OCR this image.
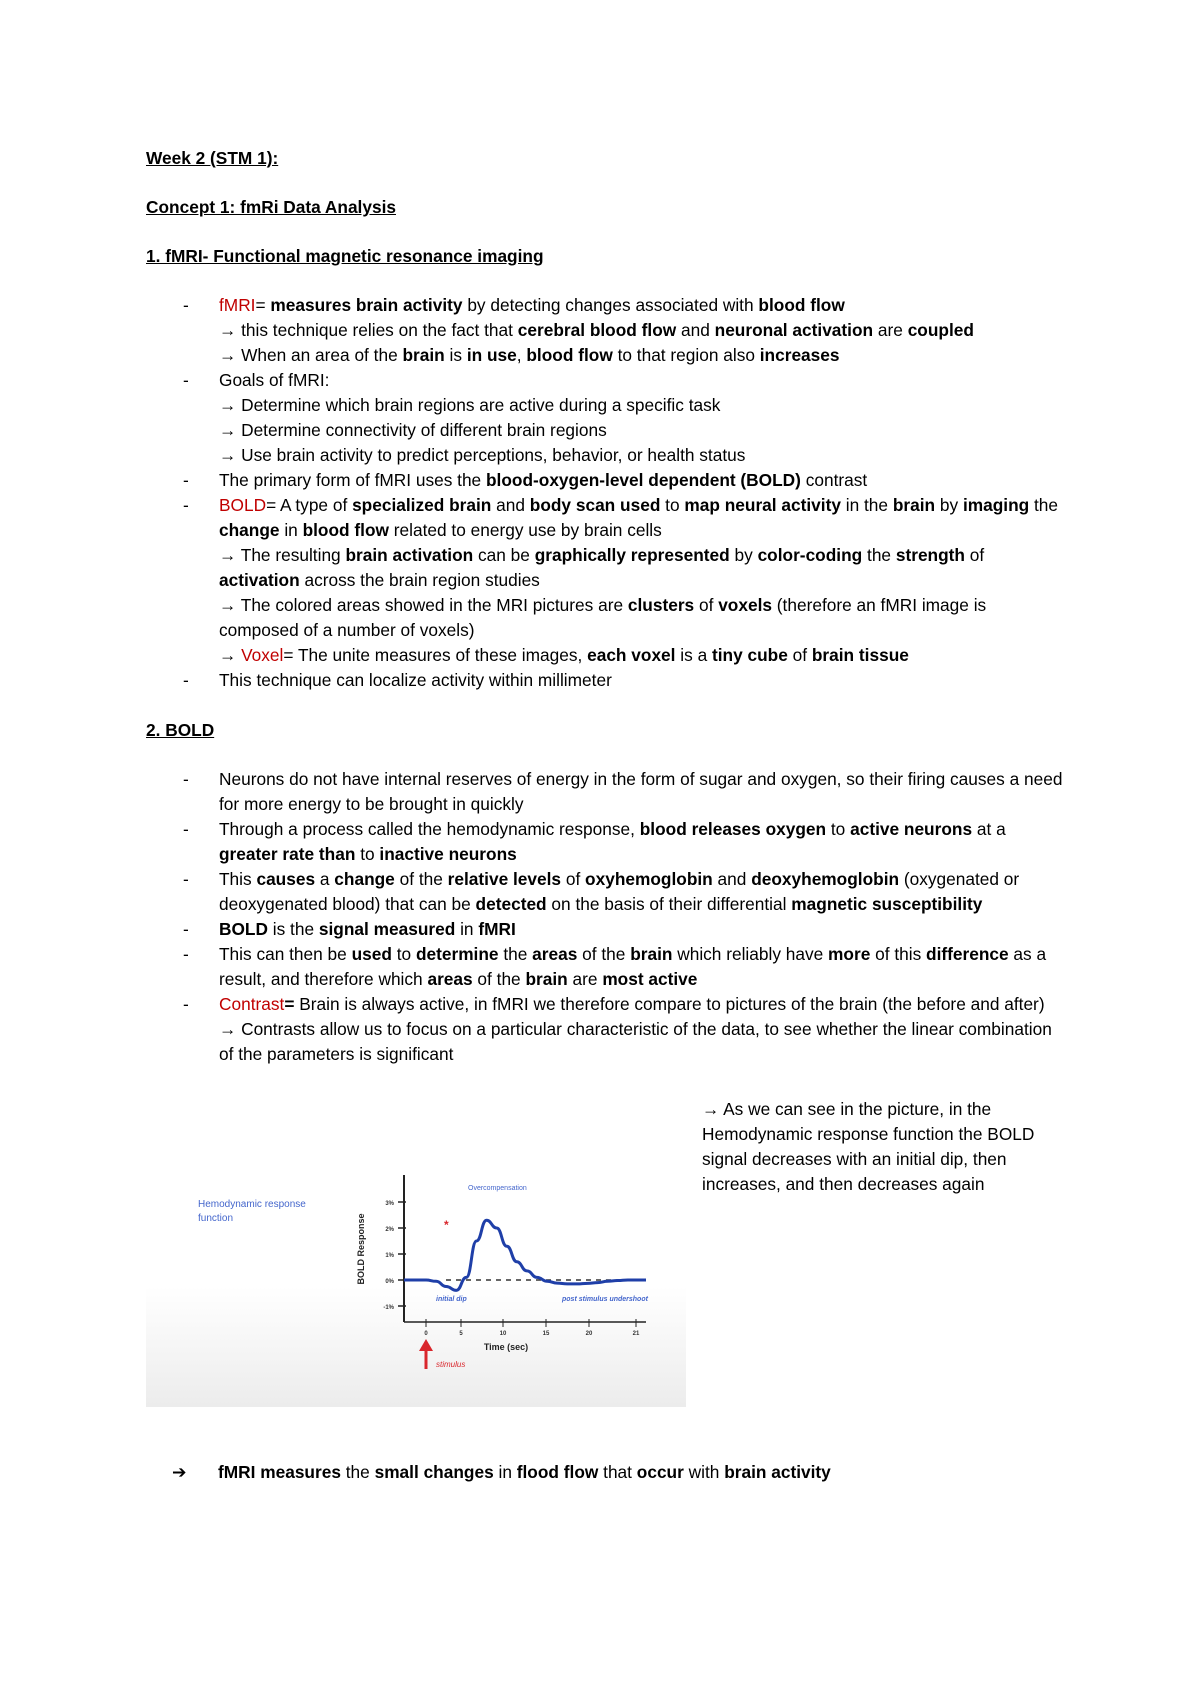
Week 2 (STM 1):

Concept 1: fmRi Data Analysis

1. fMRI- Functional magnetic resonance imaging

- fMRI= measures brain activity by detecting changes associated with blood flow
→ this technique relies on the fact that cerebral blood flow and neuronal activation are coupled
→ When an area of the brain is in use, blood flow to that region also increases
- Goals of fMRI:
→ Determine which brain regions are active during a specific task
→ Determine connectivity of different brain regions
→ Use brain activity to predict perceptions, behavior, or health status
- The primary form of fMRI uses the blood-oxygen-level dependent (BOLD) contrast
- BOLD= A type of specialized brain and body scan used to map neural activity in the brain by imaging the change in blood flow related to energy use by brain cells
→ The resulting brain activation can be graphically represented by color-coding the strength of activation across the brain region studies
→ The colored areas showed in the MRI pictures are clusters of voxels (therefore an fMRI image is composed of a number of voxels)
→ Voxel= The unite measures of these images, each voxel is a tiny cube of brain tissue
- This technique can localize activity within millimeter

2. BOLD

- Neurons do not have internal reserves of energy in the form of sugar and oxygen, so their firing causes a need for more energy to be brought in quickly
- Through a process called the hemodynamic response, blood releases oxygen to active neurons at a greater rate than to inactive neurons
- This causes a change of the relative levels of oxyhemoglobin and deoxyhemoglobin (oxygenated or deoxygenated blood) that can be detected on the basis of their differential magnetic susceptibility
- BOLD is the signal measured in fMRI
- This can then be used to determine the areas of the brain which reliably have more of this difference as a result, and therefore which areas of the brain are most active
- Contrast= Brain is always active, in fMRI we therefore compare to pictures of the brain (the before and after)
→ Contrasts allow us to focus on a particular characteristic of the data, to see whether the linear combination of the parameters is significant
Hemodynamic response
function
3%
2%
1%
0%
-1%
0	5	10	15	20	21
Time (sec)
BOLD Response	*
Overcompensation
initial dip	post stimulus undershoot
stimulus
→ As we can see in the picture, in the Hemodynamic response function the BOLD signal decreases with an initial dip, then increases, and then decreases again
➔ fMRI measures the small changes in flood flow that occur with brain activity
